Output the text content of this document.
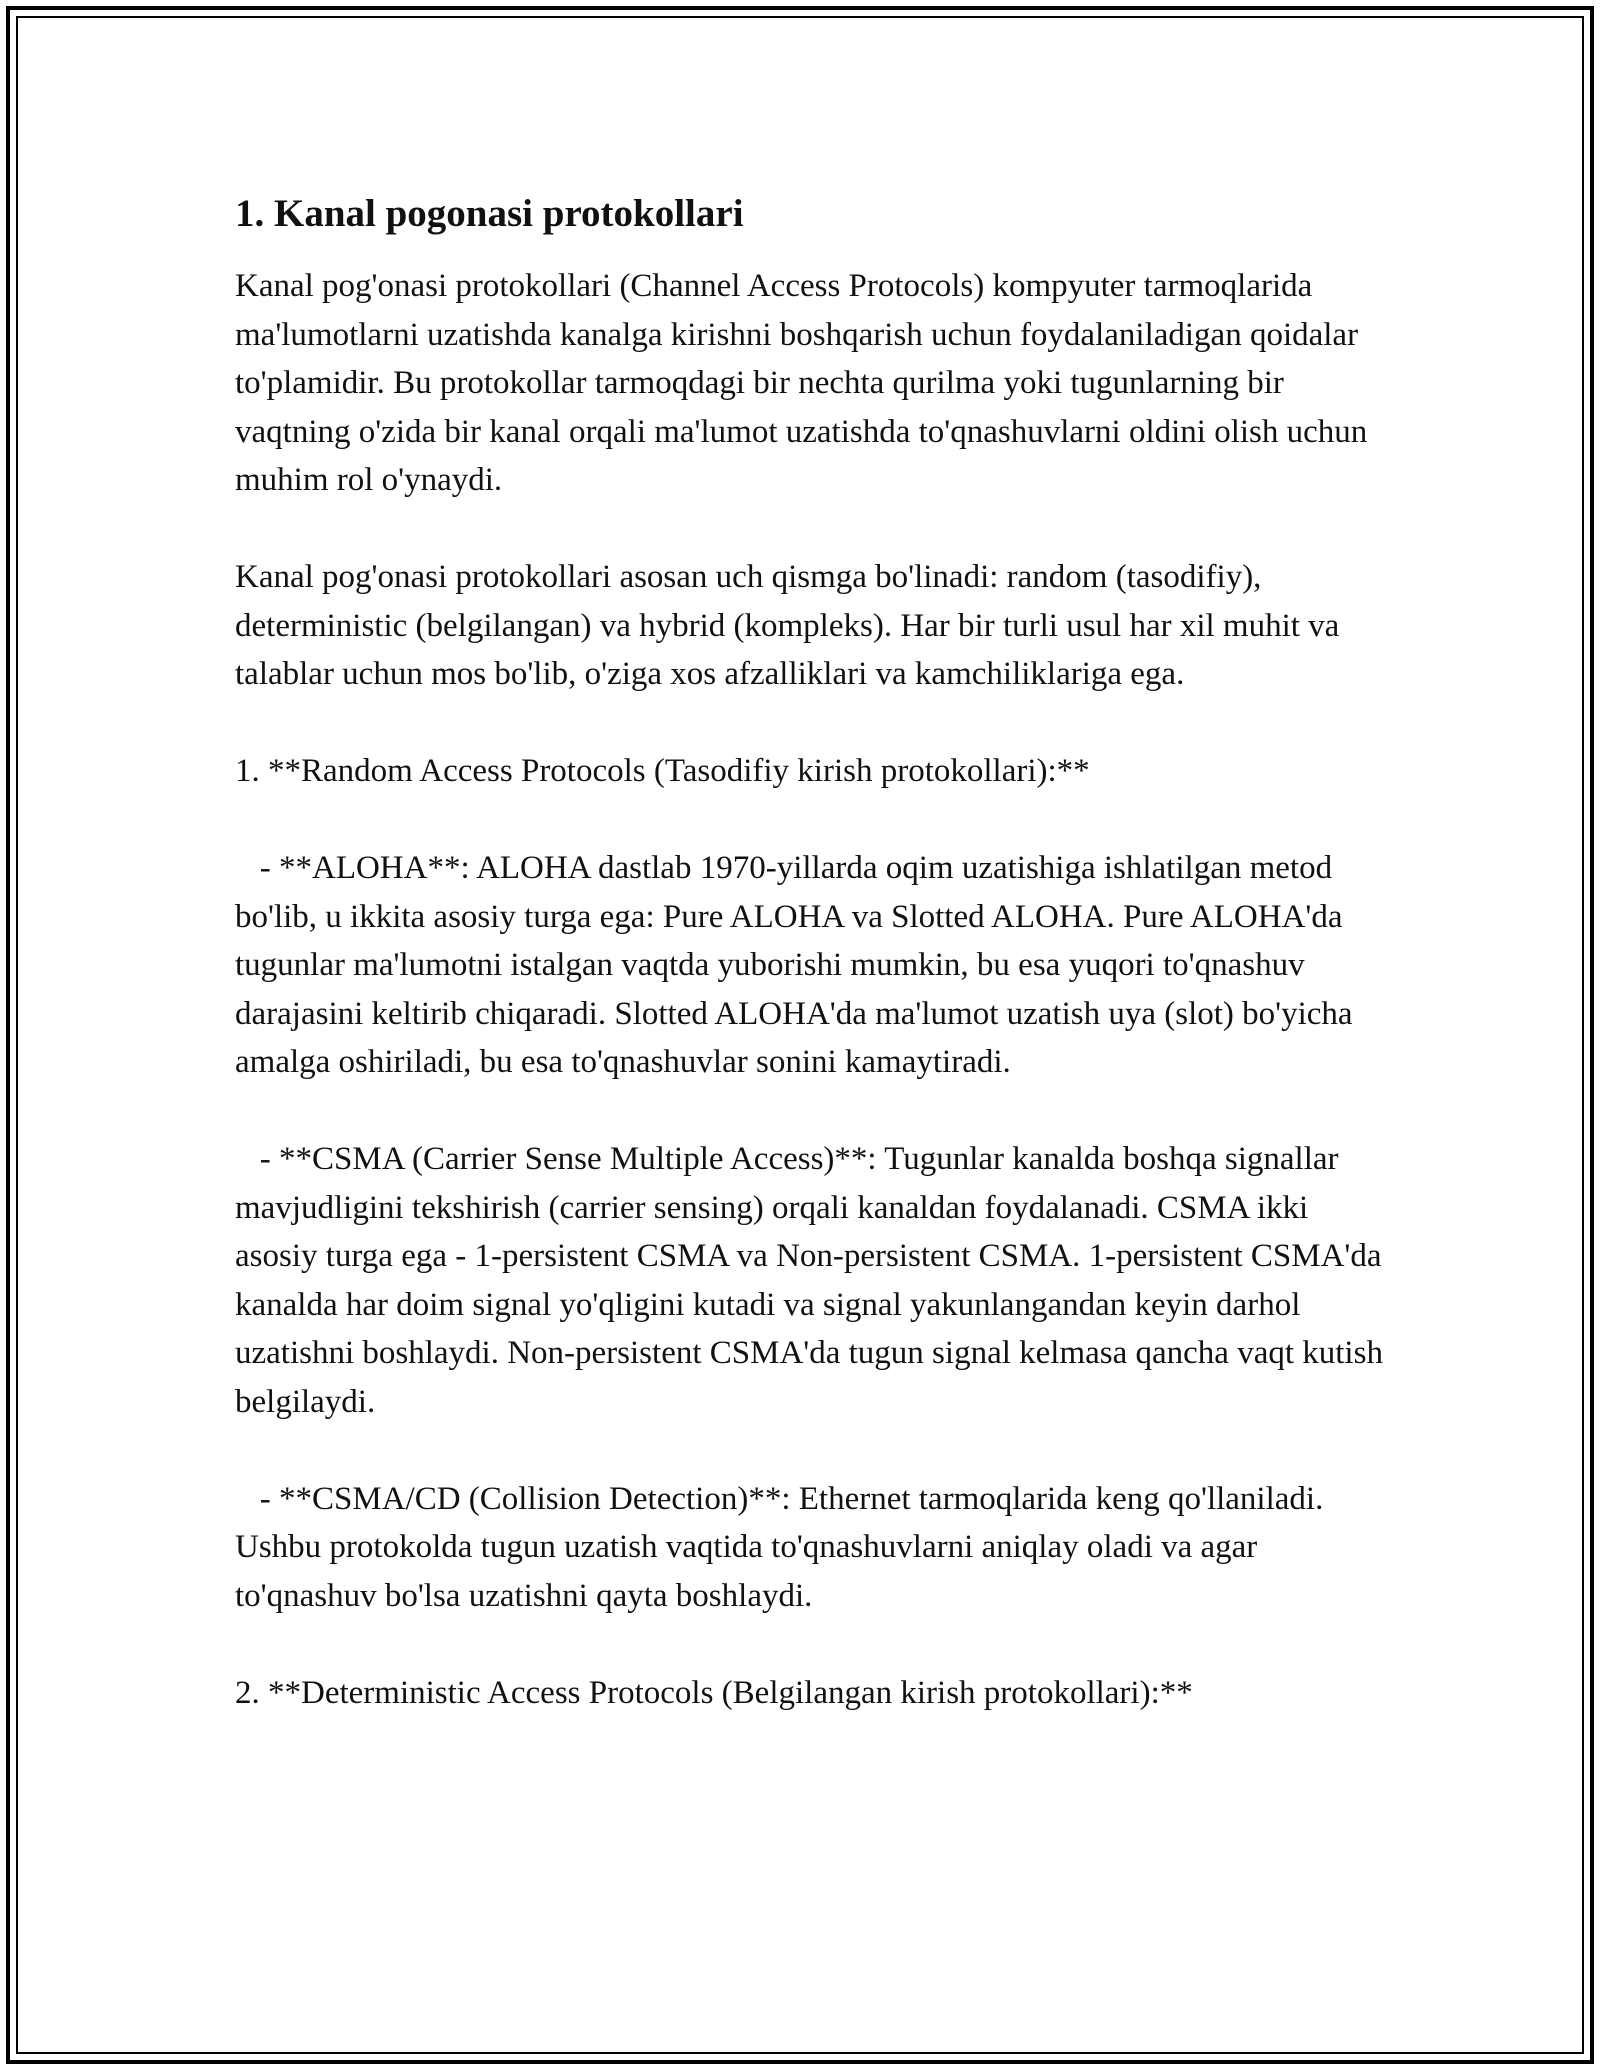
1. Kanal pogonasi protokollari

Kanal pog'onasi protokollari (Channel Access Protocols) kompyuter tarmoqlarida ma'lumotlarni uzatishda kanalga kirishni boshqarish uchun foydalaniladigan qoidalar to'plamidir. Bu protokollar tarmoqdagi bir nechta qurilma yoki tugunlarning bir vaqtning o'zida bir kanal orqali ma'lumot uzatishda to'qnashuvlarni oldini olish uchun muhim rol o'ynaydi.

Kanal pog'onasi protokollari asosan uch qismga bo'linadi: random (tasodifiy), deterministic (belgilangan) va hybrid (kompleks). Har bir turli usul har xil muhit va talablar uchun mos bo'lib, o'ziga xos afzalliklari va kamchiliklariga ega.

1. **Random Access Protocols (Tasodifiy kirish protokollari):**

- **ALOHA**: ALOHA dastlab 1970-yillarda oqim uzatishiga ishlatilgan metod bo'lib, u ikkita asosiy turga ega: Pure ALOHA va Slotted ALOHA. Pure ALOHA'da tugunlar ma'lumotni istalgan vaqtda yuborishi mumkin, bu esa yuqori to'qnashuv darajasini keltirib chiqaradi. Slotted ALOHA'da ma'lumot uzatish uya (slot) bo'yicha amalga oshiriladi, bu esa to'qnashuvlar sonini kamaytiradi.

- **CSMA (Carrier Sense Multiple Access)**: Tugunlar kanalda boshqa signallar mavjudligini tekshirish (carrier sensing) orqali kanaldan foydalanadi. CSMA ikki asosiy turga ega - 1-persistent CSMA va Non-persistent CSMA. 1-persistent CSMA'da kanalda har doim signal yo'qligini kutadi va signal yakunlangandan keyin darhol uzatishni boshlaydi. Non-persistent CSMA'da tugun signal kelmasa qancha vaqt kutish belgilaydi.

- **CSMA/CD (Collision Detection)**: Ethernet tarmoqlarida keng qo'llaniladi. Ushbu protokolda tugun uzatish vaqtida to'qnashuvlarni aniqlay oladi va agar to'qnashuv bo'lsa uzatishni qayta boshlaydi.

2. **Deterministic Access Protocols (Belgilangan kirish protokollari):**
